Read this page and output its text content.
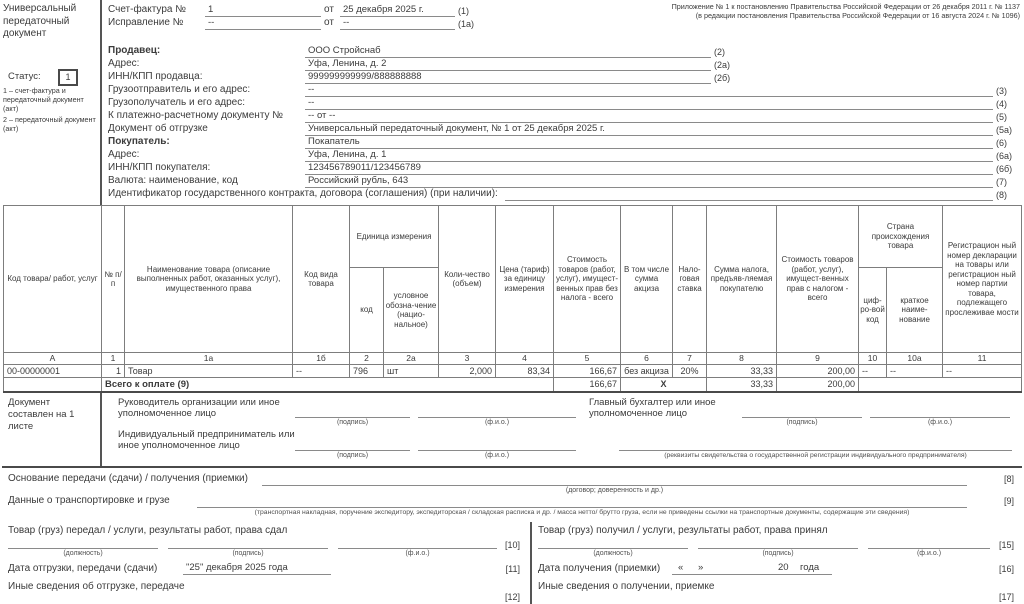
Универсальный передаточный документ
Статус:	1
1 – счет-фактура и передаточный документ (акт)
2 – передаточный документ (акт)
Приложение № 1 к постановлению Правительства Российской Федерации от 26 декабря 2011 г. № 1137
(в редакции постановления Правительства Российской Федерации от 16 августа 2024 г. № 1096)
Счет-фактура №	1	от 25 декабря 2025 г.	(1)
Исправление №	--	от --	(1а)
Продавец:	ООО Стройснаб	(2)
Адрес:	Уфа, Ленина, д. 2	(2а)
ИНН/КПП продавца:	999999999999/888888888	(2б)
Грузоотправитель и его адрес:	--	(3)
Грузополучатель и его адрес:	--	(4)
К платежно-расчетному документу №	-- от --	(5)
Документ об отгрузке	Универсальный передаточный документ, № 1 от 25 декабря 2025 г.	(5а)
Покупатель:	Покапатель	(6)
Адрес:	Уфа, Ленина, д. 1	(6а)
ИНН/КПП покупателя:	123456789011/123456789	(6б)
Валюта: наименование, код	Российский рубль, 643	(7)
Идентификатор государственного контракта, договора (соглашения) (при наличии):	(8)
Код товара/ работ, услуг	№ п/п	Наименование товара (описание выполненных работ, оказанных услуг), имущественного права	Код вида товара	Единица измерения		Коли-чество (объем)	Цена (тариф) за единицу измерения	Стоимость товаров (работ, услуг), имущест-венных прав без налога - всего	В том числе сумма акциза	Нало-говая ставка	Сумма налога, предъяв-ляемая покупателю	Стоимость товаров (работ, услуг), имущест-венных прав с налогом - всего	Страна происхождения товара		Регистрацион ный номер декларации на товары или регистрацион ный номер партии товара, подлежащего прослеживае мости
				код	условное обозна-чение (нацио-нальное)								циф-ро-вой код	краткое наиме-нование	
А	1	1а	1б	2	2а	3	4	5	6	7	8	9	10	10а	11
00-00000001	1	Товар	--	796	шт	2,000	83,34	166,67	без акциза	20%	33,33	200,00	--	--	--
	Всего к оплате (9)							166,67	X		33,33	200,00			
Документ составлен на 1 листе
Руководитель организации или иное уполномоченное лицо
(подпись)	(ф.и.о.)
Главный бухгалтер или иное уполномоченное лицо
(подпись)	(ф.и.о.)
Индивидуальный предприниматель или иное уполномоченное лицо
(подпись)	(ф.и.о.)	(реквизиты свидетельства о государственной регистрации индивидуального предпринимателя)
Основание передачи (сдачи) / получения (приемки)	[8]
(договор; доверенность и др.)
Данные о транспортировке и грузе	[9]
(транспортная накладная, поручение экспедитору, экспедиторская / складская расписка и др. / масса нетто/ брутто груза, если не приведены ссылки на транспортные документы, содержащие эти сведения)
Товар (груз) передал / услуги, результаты работ, права сдал
(должность)	(подпись)	(ф.и.о.)
[10]
Дата отгрузки, передачи (сдачи)	"25" декабря 2025 года	[11]
Иные сведения об отгрузке, передаче
[12]
Товар (груз) получил / услуги, результаты работ, права принял
(должность)	(подпись)	(ф.и.о.)
[15]
Дата получения (приемки) « »	20 года	[16]
Иные сведения о получении, приемке
[17]
